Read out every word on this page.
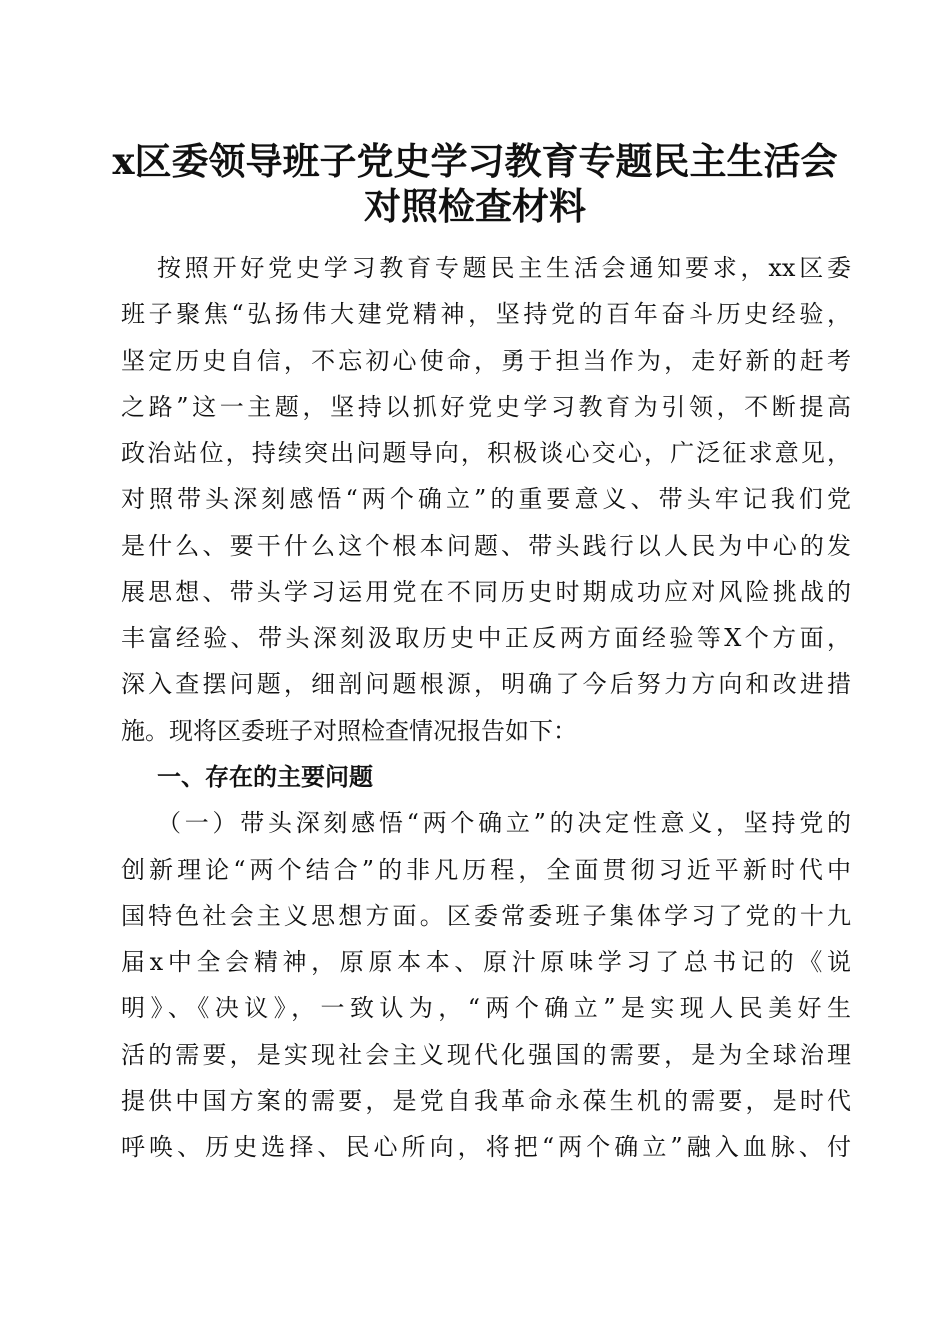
x区委领导班子党史学习教育专题民主生活会
对照检查材料

按照开好党史学习教育专题民主生活会通知要求，xx区委

班子聚焦“弘扬伟大建党精神，坚持党的百年奋斗历史经验，

坚定历史自信，不忘初心使命，勇于担当作为，走好新的赶考

之路”这一主题，坚持以抓好党史学习教育为引领，不断提高

政治站位，持续突出问题导向，积极谈心交心，广泛征求意见，

对照带头深刻感悟“两个确立”的重要意义、带头牢记我们党

是什么、要干什么这个根本问题、带头践行以人民为中心的发

展思想、带头学习运用党在不同历史时期成功应对风险挑战的

丰富经验、带头深刻汲取历史中正反两方面经验等X个方面，

深入查摆问题，细剖问题根源，明确了今后努力方向和改进措

施。现将区委班子对照检查情况报告如下：

一、存在的主要问题

（一）带头深刻感悟“两个确立”的决定性意义，坚持党的

创新理论“两个结合”的非凡历程，全面贯彻习近平新时代中

国特色社会主义思想方面。区委常委班子集体学习了党的十九

届x中全会精神，原原本本、原汁原味学习了总书记的《说

明》、《决议》，一致认为，“两个确立”是实现人民美好生

活的需要，是实现社会主义现代化强国的需要，是为全球治理

提供中国方案的需要，是党自我革命永葆生机的需要，是时代

呼唤、历史选择、民心所向，将把“两个确立”融入血脉、付
